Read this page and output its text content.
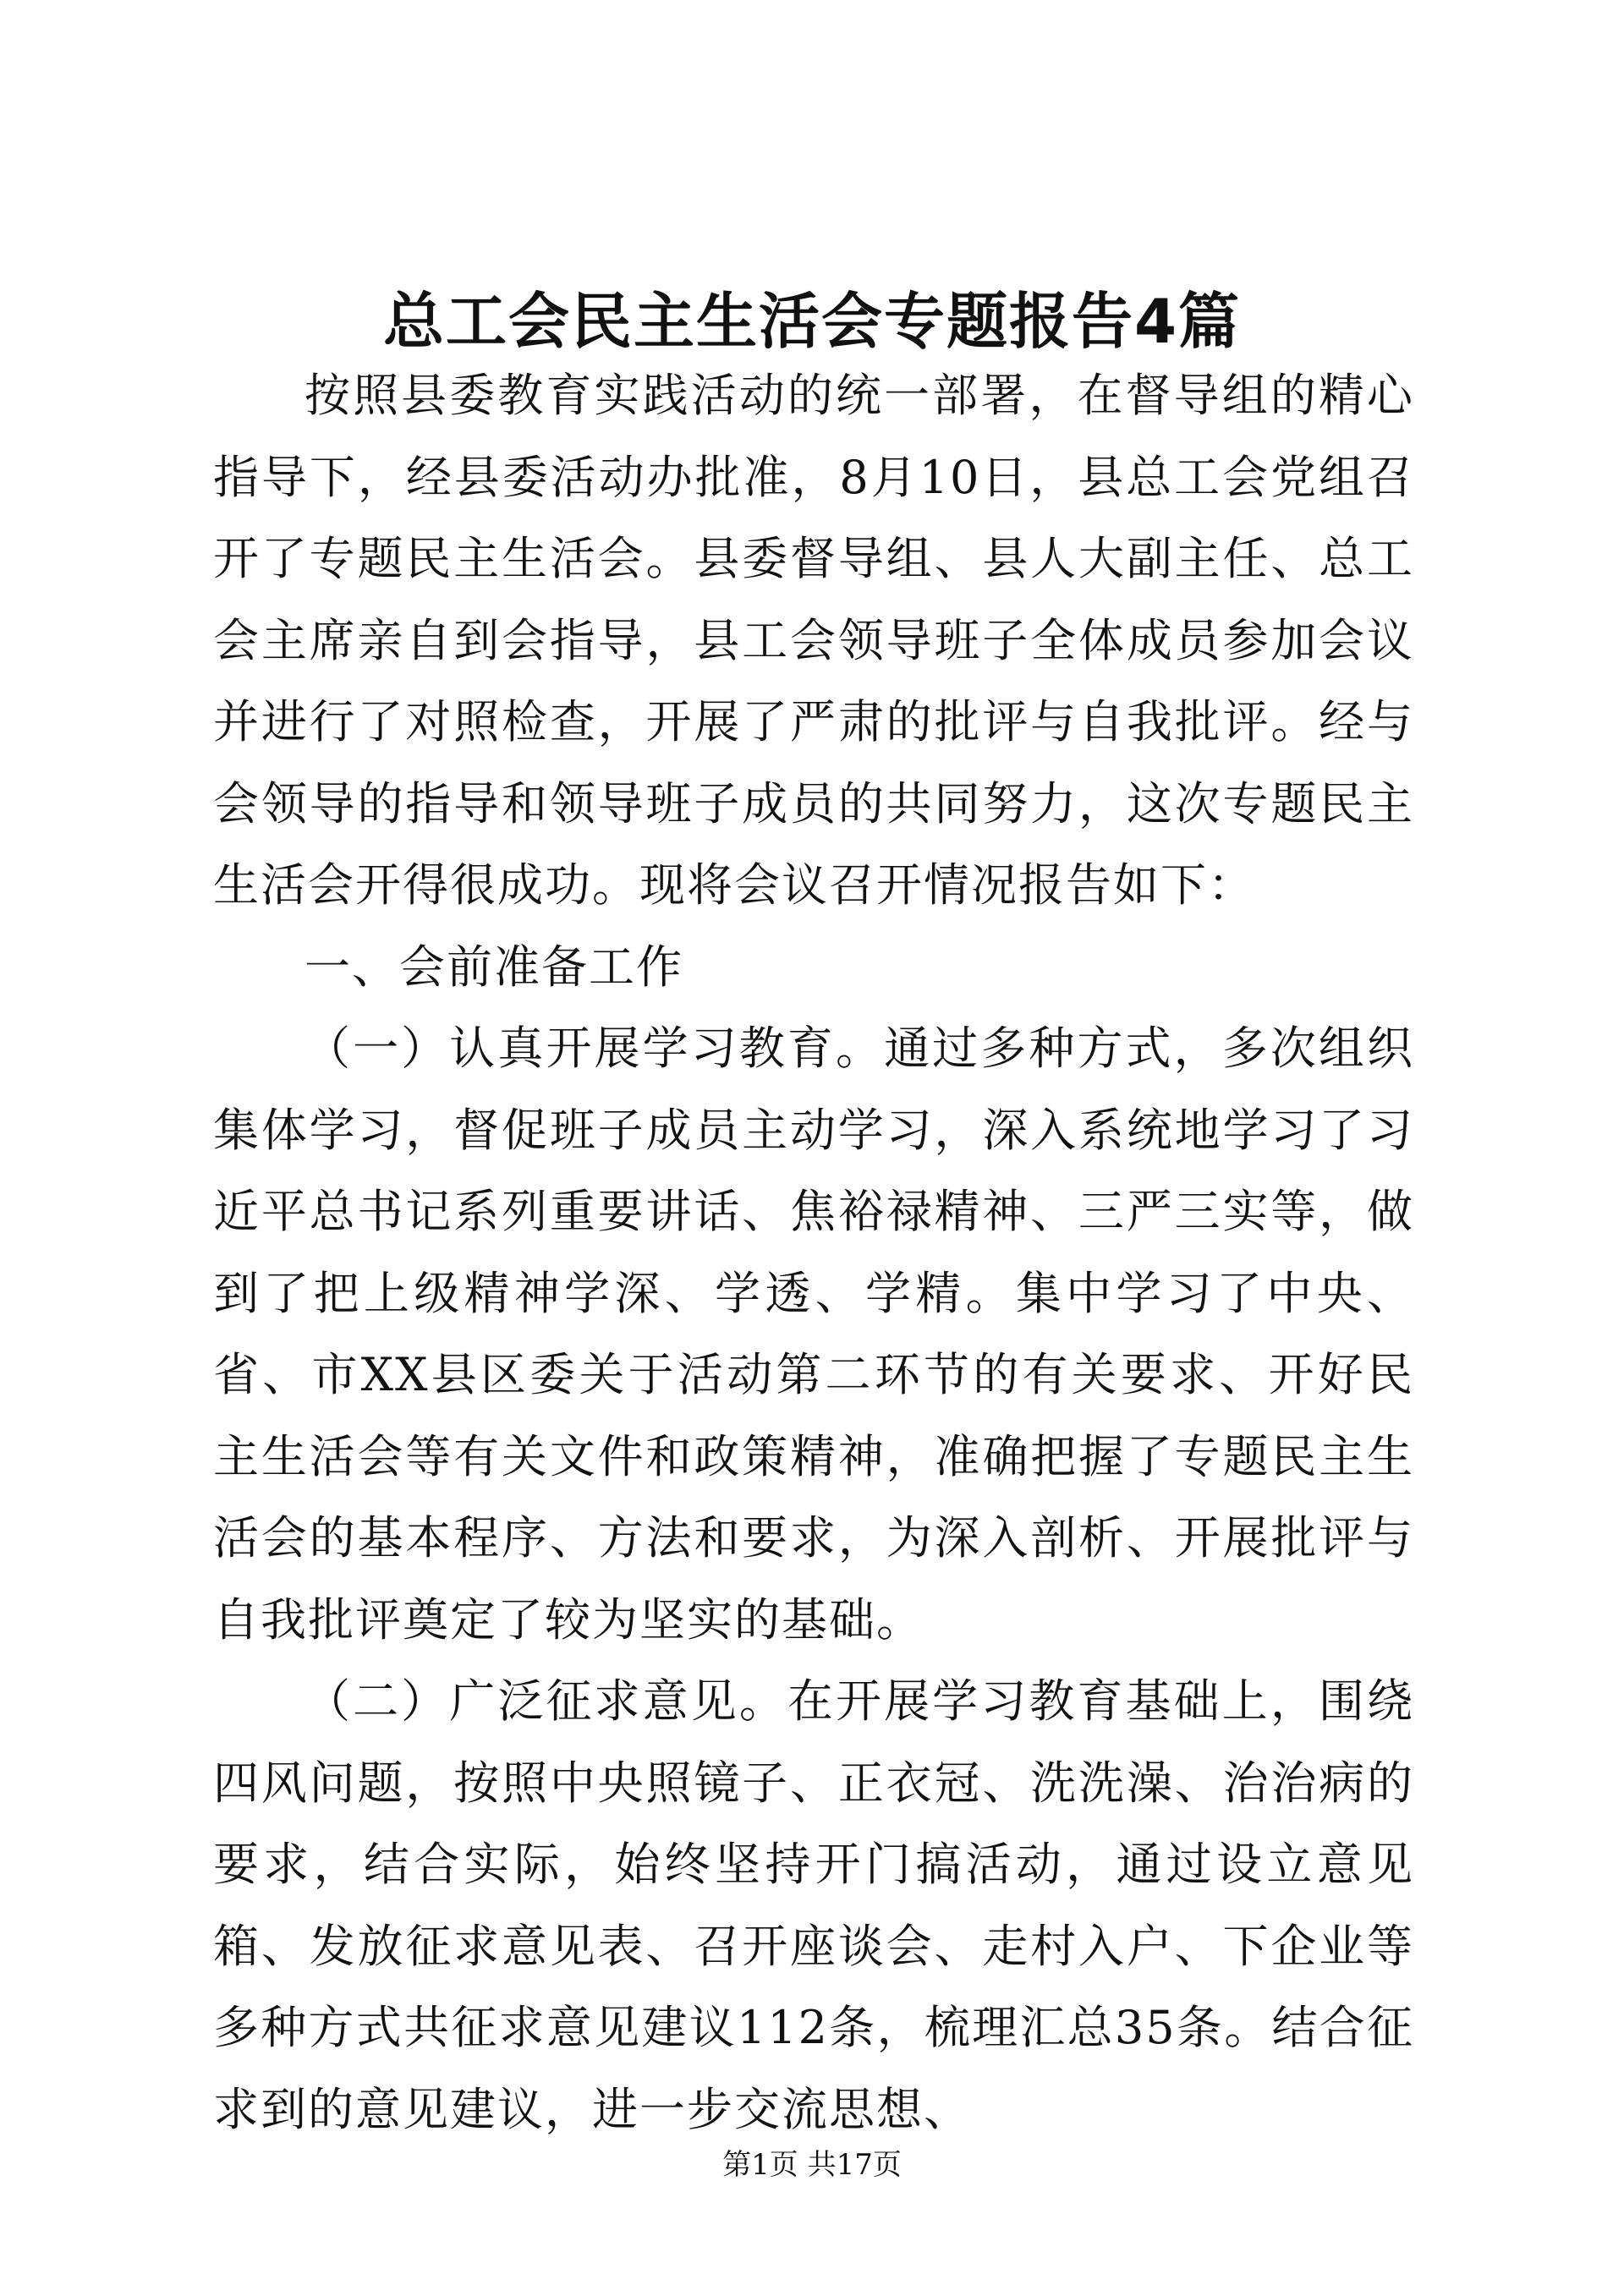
总工会民主生活会专题报告4篇

按照县委教育实践活动的统一部署，在督导组的精心指导下，经县委活动办批准，8月10日，县总工会党组召开了专题民主生活会。县委督导组、县人大副主任、总工会主席亲自到会指导，县工会领导班子全体成员参加会议并进行了对照检查，开展了严肃的批评与自我批评。经与会领导的指导和领导班子成员的共同努力，这次专题民主生活会开得很成功。现将会议召开情况报告如下：

一、会前准备工作

（一）认真开展学习教育。通过多种方式，多次组织集体学习，督促班子成员主动学习，深入系统地学习了习近平总书记系列重要讲话、焦裕禄精神、三严三实等，做到了把上级精神学深、学透、学精。集中学习了中央、省、市XX县区委关于活动第二环节的有关要求、开好民主生活会等有关文件和政策精神，准确把握了专题民主生活会的基本程序、方法和要求，为深入剖析、开展批评与自我批评奠定了较为坚实的基础。

（二）广泛征求意见。在开展学习教育基础上，围绕四风问题，按照中央照镜子、正衣冠、洗洗澡、治治病的要求，结合实际，始终坚持开门搞活动，通过设立意见箱、发放征求意见表、召开座谈会、走村入户、下企业等多种方式共征求意见建议112条，梳理汇总35条。结合征求到的意见建议，进一步交流思想、

第1页 共17页
